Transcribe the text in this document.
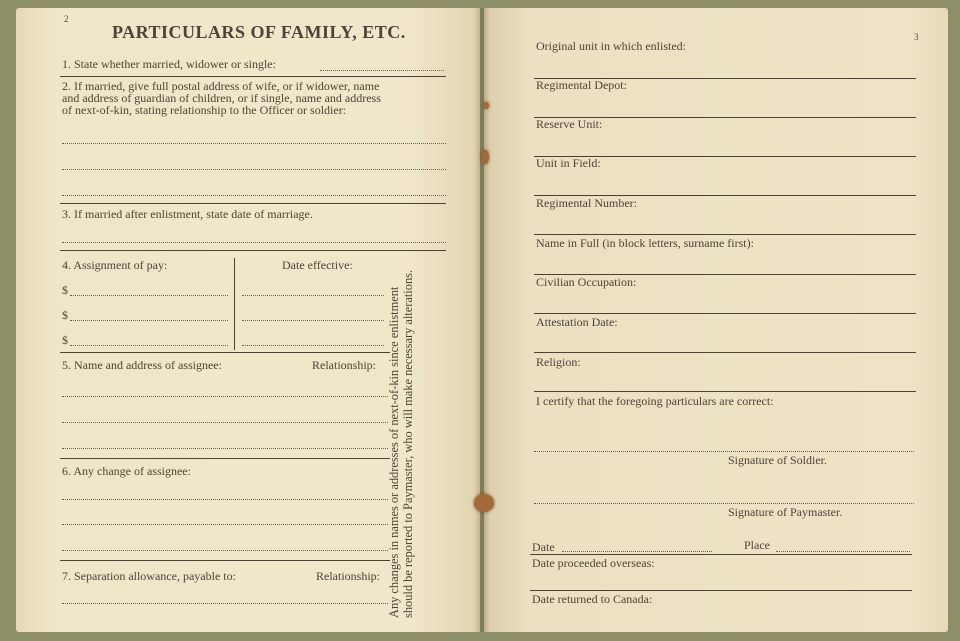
2
PARTICULARS OF FAMILY, ETC.
1. State whether married, widower or single:
2. If married, give full postal address of wife, or if widower, name
and address of guardian of children, or if single, name and address
of next-of-kin, stating relationship to the Officer or soldier:
3. If married after enlistment, state date of marriage.
4. Assignment of pay:	Date effective:
$
$
$
5. Name and address of assignee:	Relationship:
6. Any change of assignee:
7. Separation allowance, payable to:	Relationship: Any changes in names or addresses of next-of-kin since enlistment should be reported to Paymaster, who will make necessary alterations.
3
Original unit in which enlisted:
Regimental Depot:
Reserve Unit:
Unit in Field:
Regimental Number:
Name in Full (in block letters, surname first):
Civilian Occupation:
Attestation Date:
Religion:
I certify that the foregoing particulars are correct:
Signature of Soldier.
Signature of Paymaster.
Date	Place
Date proceeded overseas:
Date returned to Canada:
